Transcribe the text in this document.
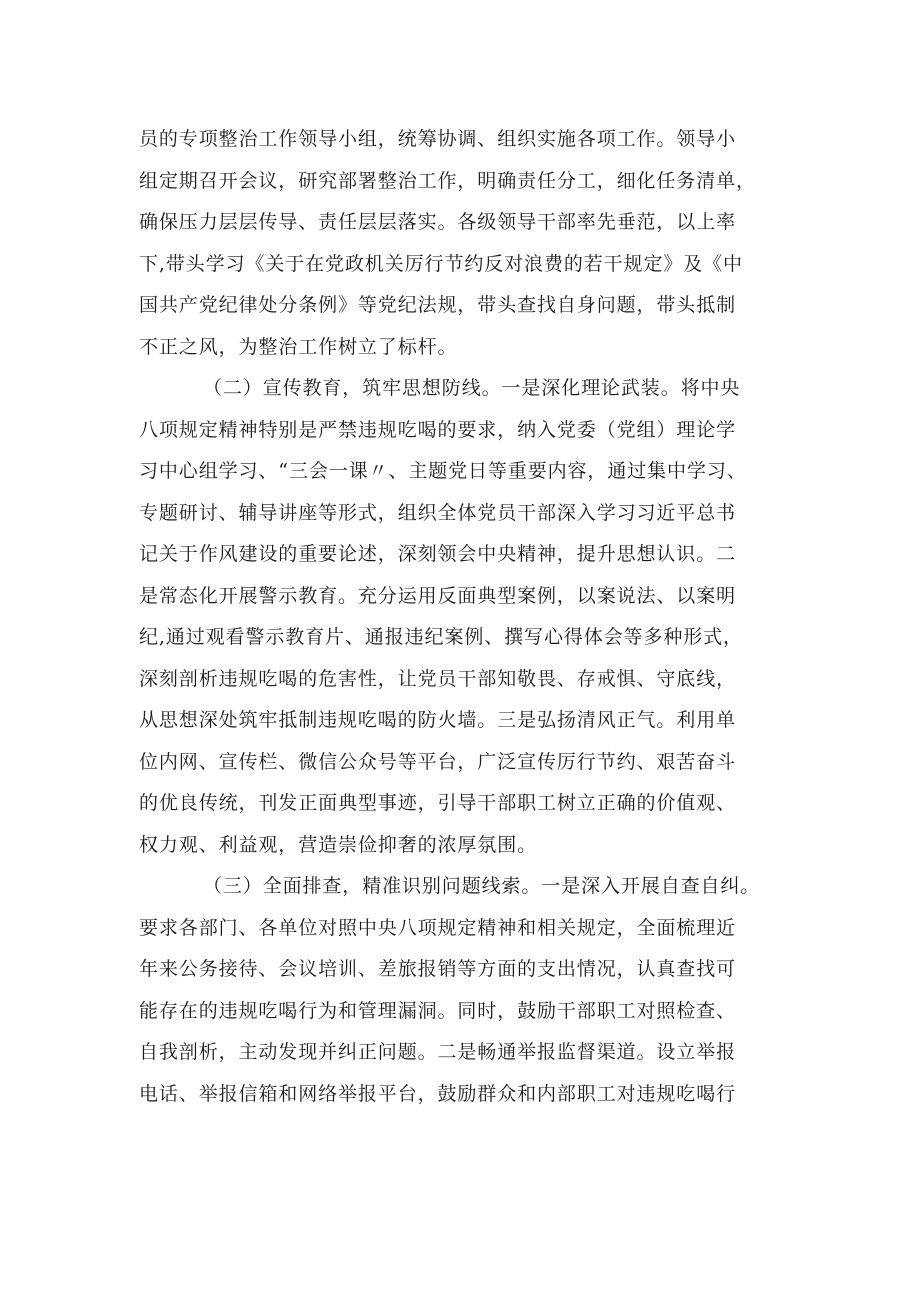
员的专项整治工作领导小组，统筹协调、组织实施各项工作。领导小
组定期召开会议，研究部署整治工作，明确责任分工，细化任务清单，
确保压力层层传导、责任层层落实。各级领导干部率先垂范，以上率
下,带头学习《关于在党政机关厉行节约反对浪费的若干规定》及《中
国共产党纪律处分条例》等党纪法规，带头查找自身问题，带头抵制
不正之风，为整治工作树立了标杆。
（二）宣传教育，筑牢思想防线。一是深化理论武装。将中央
八项规定精神特别是严禁违规吃喝的要求，纳入党委（党组）理论学
习中心组学习、“三会一课〃、主题党日等重要内容，通过集中学习、
专题研讨、辅导讲座等形式，组织全体党员干部深入学习习近平总书
记关于作风建设的重要论述，深刻领会中央精神，提升思想认识。二
是常态化开展警示教育。充分运用反面典型案例，以案说法、以案明
纪,通过观看警示教育片、通报违纪案例、撰写心得体会等多种形式，
深刻剖析违规吃喝的危害性，让党员干部知敬畏、存戒惧、守底线，
从思想深处筑牢抵制违规吃喝的防火墙。三是弘扬清风正气。利用单
位内网、宣传栏、微信公众号等平台，广泛宣传厉行节约、艰苦奋斗
的优良传统，刊发正面典型事迹，引导干部职工树立正确的价值观、
权力观、利益观，营造崇俭抑奢的浓厚氛围。
（三）全面排查，精准识别问题线索。一是深入开展自查自纠。
要求各部门、各单位对照中央八项规定精神和相关规定，全面梳理近
年来公务接待、会议培训、差旅报销等方面的支出情况，认真查找可
能存在的违规吃喝行为和管理漏洞。同时，鼓励干部职工对照检查、
自我剖析，主动发现并纠正问题。二是畅通举报监督渠道。设立举报
电话、举报信箱和网络举报平台，鼓励群众和内部职工对违规吃喝行
